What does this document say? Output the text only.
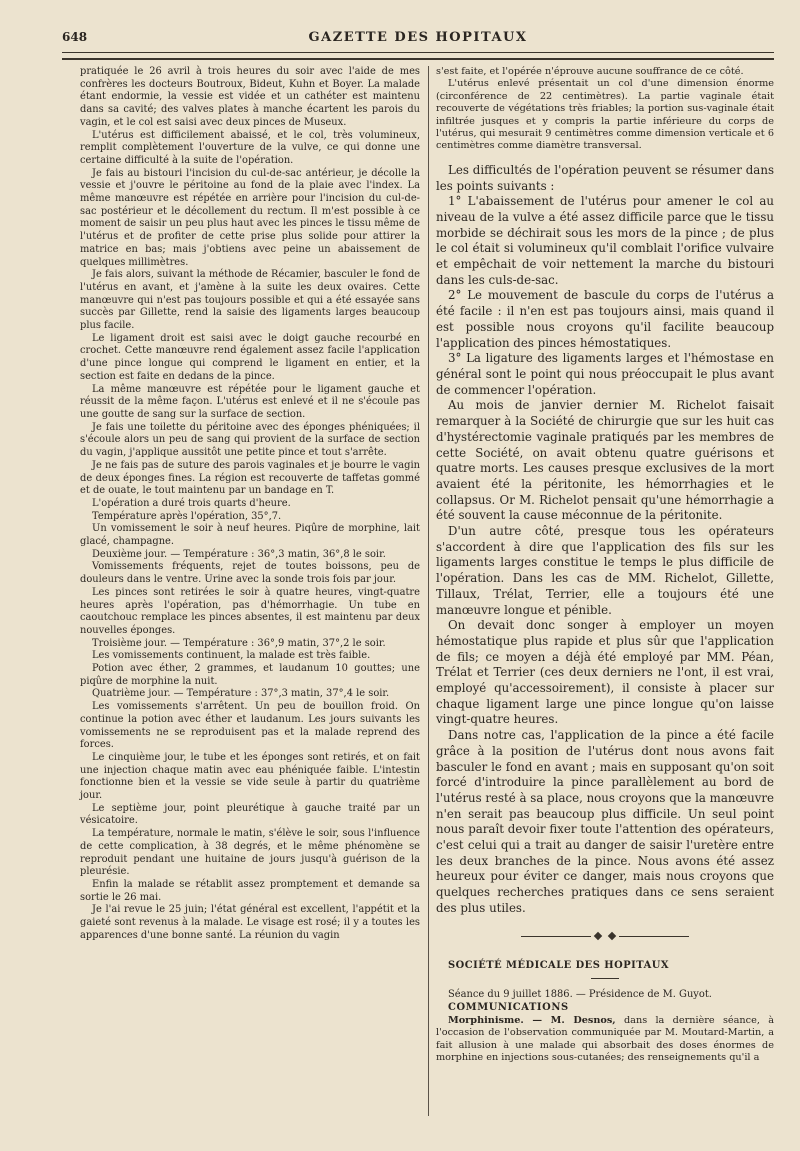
648	GAZETTE DES HOPITAUX

pratiquée le 26 avril à trois heures du soir avec l'aide de mes confrères les docteurs Boutroux, Bideut, Kuhn et Boyer. La malade étant endormie, la vessie est vidée et un cathéter est maintenu dans sa cavité; des valves plates à manche écartent les parois du vagin, et le col est saisi avec deux pinces de Museux.

L'utérus est difficilement abaissé, et le col, très volumineux, remplit complètement l'ouverture de la vulve, ce qui donne une certaine difficulté à la suite de l'opération.

Je fais au bistouri l'incision du cul-de-sac antérieur, je décolle la vessie et j'ouvre le péritoine au fond de la plaie avec l'index. La même manœuvre est répétée en arrière pour l'incision du cul-de-sac postérieur et le décollement du rectum. Il m'est possible à ce moment de saisir un peu plus haut avec les pinces le tissu même de l'utérus et de profiter de cette prise plus solide pour attirer la matrice en bas; mais j'obtiens avec peine un abaissement de quelques millimètres.

Je fais alors, suivant la méthode de Récamier, basculer le fond de l'utérus en avant, et j'amène à la suite les deux ovaires. Cette manœuvre qui n'est pas toujours possible et qui a été essayée sans succès par Gillette, rend la saisie des ligaments larges beaucoup plus facile.

Le ligament droit est saisi avec le doigt gauche recourbé en crochet. Cette manœuvre rend également assez facile l'application d'une pince longue qui comprend le ligament en entier, et la section est faite en dedans de la pince.

La même manœuvre est répétée pour le ligament gauche et réussit de la même façon. L'utérus est enlevé et il ne s'écoule pas une goutte de sang sur la surface de section.

Je fais une toilette du péritoine avec des éponges phéniquées; il s'écoule alors un peu de sang qui provient de la surface de section du vagin, j'applique aussitôt une petite pince et tout s'arrête.

Je ne fais pas de suture des parois vaginales et je bourre le vagin de deux éponges fines. La région est recouverte de taffetas gommé et de ouate, le tout maintenu par un bandage en T.

L'opération a duré trois quarts d'heure.

Température après l'opération, 35°,7.

Un vomissement le soir à neuf heures. Piqûre de morphine, lait glacé, champagne.

Deuxième jour. — Température : 36°,3 matin, 36°,8 le soir.

Vomissements fréquents, rejet de toutes boissons, peu de douleurs dans le ventre. Urine avec la sonde trois fois par jour.

Les pinces sont retirées le soir à quatre heures, vingt-quatre heures après l'opération, pas d'hémorrhagie. Un tube en caoutchouc remplace les pinces absentes, il est maintenu par deux nouvelles éponges.

Troisième jour. — Température : 36°,9 matin, 37°,2 le soir.

Les vomissements continuent, la malade est très faible.

Potion avec éther, 2 grammes, et laudanum 10 gouttes; une piqûre de morphine la nuit.

Quatrième jour. — Température : 37°,3 matin, 37°,4 le soir.

Les vomissements s'arrêtent. Un peu de bouillon froid. On continue la potion avec éther et laudanum. Les jours suivants les vomissements ne se reproduisent pas et la malade reprend des forces.

Le cinquième jour, le tube et les éponges sont retirés, et on fait une injection chaque matin avec eau phéniquée faible. L'intestin fonctionne bien et la vessie se vide seule à partir du quatrième jour.

Le septième jour, point pleurétique à gauche traité par un vésicatoire.

La température, normale le matin, s'élève le soir, sous l'influence de cette complication, à 38 degrés, et le même phénomène se reproduit pendant une huitaine de jours jusqu'à guérison de la pleurésie.

Enfin la malade se rétablit assez promptement et demande sa sortie le 26 mai.

Je l'ai revue le 25 juin; l'état général est excellent, l'appétit et la gaieté sont revenus à la malade. Le visage est rosé; il y a toutes les apparences d'une bonne santé. La réunion du vagin

s'est faite, et l'opérée n'éprouve aucune souffrance de ce côté.

L'utérus enlevé présentait un col d'une dimension énorme (circonférence de 22 centimètres). La partie vaginale était recouverte de végétations très friables; la portion sus-vaginale était infiltrée jusques et y compris la partie inférieure du corps de l'utérus, qui mesurait 9 centimètres comme dimension verticale et 6 centimètres comme diamètre transversal.

Les difficultés de l'opération peuvent se résumer dans les points suivants :

1° L'abaissement de l'utérus pour amener le col au niveau de la vulve a été assez difficile parce que le tissu morbide se déchirait sous les mors de la pince ; de plus le col était si volumineux qu'il comblait l'orifice vulvaire et empêchait de voir nettement la marche du bistouri dans les culs-de-sac.

2° Le mouvement de bascule du corps de l'utérus a été facile : il n'en est pas toujours ainsi, mais quand il est possible nous croyons qu'il facilite beaucoup l'application des pinces hémostatiques.

3° La ligature des ligaments larges et l'hémostase en général sont le point qui nous préoccupait le plus avant de commencer l'opération.

Au mois de janvier dernier M. Richelot faisait remarquer à la Société de chirurgie que sur les huit cas d'hystérectomie vaginale pratiqués par les membres de cette Société, on avait obtenu quatre guérisons et quatre morts. Les causes presque exclusives de la mort avaient été la péritonite, les hémorrhagies et le collapsus. Or M. Richelot pensait qu'une hémorrhagie a été souvent la cause méconnue de la péritonite.

D'un autre côté, presque tous les opérateurs s'accordent à dire que l'application des fils sur les ligaments larges constitue le temps le plus difficile de l'opération. Dans les cas de MM. Richelot, Gillette, Tillaux, Trélat, Terrier, elle a toujours été une manœuvre longue et pénible.

On devait donc songer à employer un moyen hémostatique plus rapide et plus sûr que l'application de fils; ce moyen a déjà été employé par MM. Péan, Trélat et Terrier (ces deux derniers ne l'ont, il est vrai, employé qu'accessoirement), il consiste à placer sur chaque ligament large une pince longue qu'on laisse vingt-quatre heures.

Dans notre cas, l'application de la pince a été facile grâce à la position de l'utérus dont nous avons fait basculer le fond en avant ; mais en supposant qu'on soit forcé d'introduire la pince parallèlement au bord de l'utérus resté à sa place, nous croyons que la manœuvre n'en serait pas beaucoup plus difficile. Un seul point nous paraît devoir fixer toute l'attention des opérateurs, c'est celui qui a trait au danger de saisir l'uretère entre les deux branches de la pince. Nous avons été assez heureux pour éviter ce danger, mais nous croyons que quelques recherches pratiques dans ce sens seraient des plus utiles.

SOCIÉTÉ MÉDICALE DES HOPITAUX

Séance du 9 juillet 1886. — Présidence de M. Guyot.

COMMUNICATIONS

Morphinisme. — M. Desnos, dans la dernière séance, à l'occasion de l'observation communiquée par M. Moutard-Martin, a fait allusion à une malade qui absorbait des doses énormes de morphine en injections sous-cutanées; des renseignements qu'il a
